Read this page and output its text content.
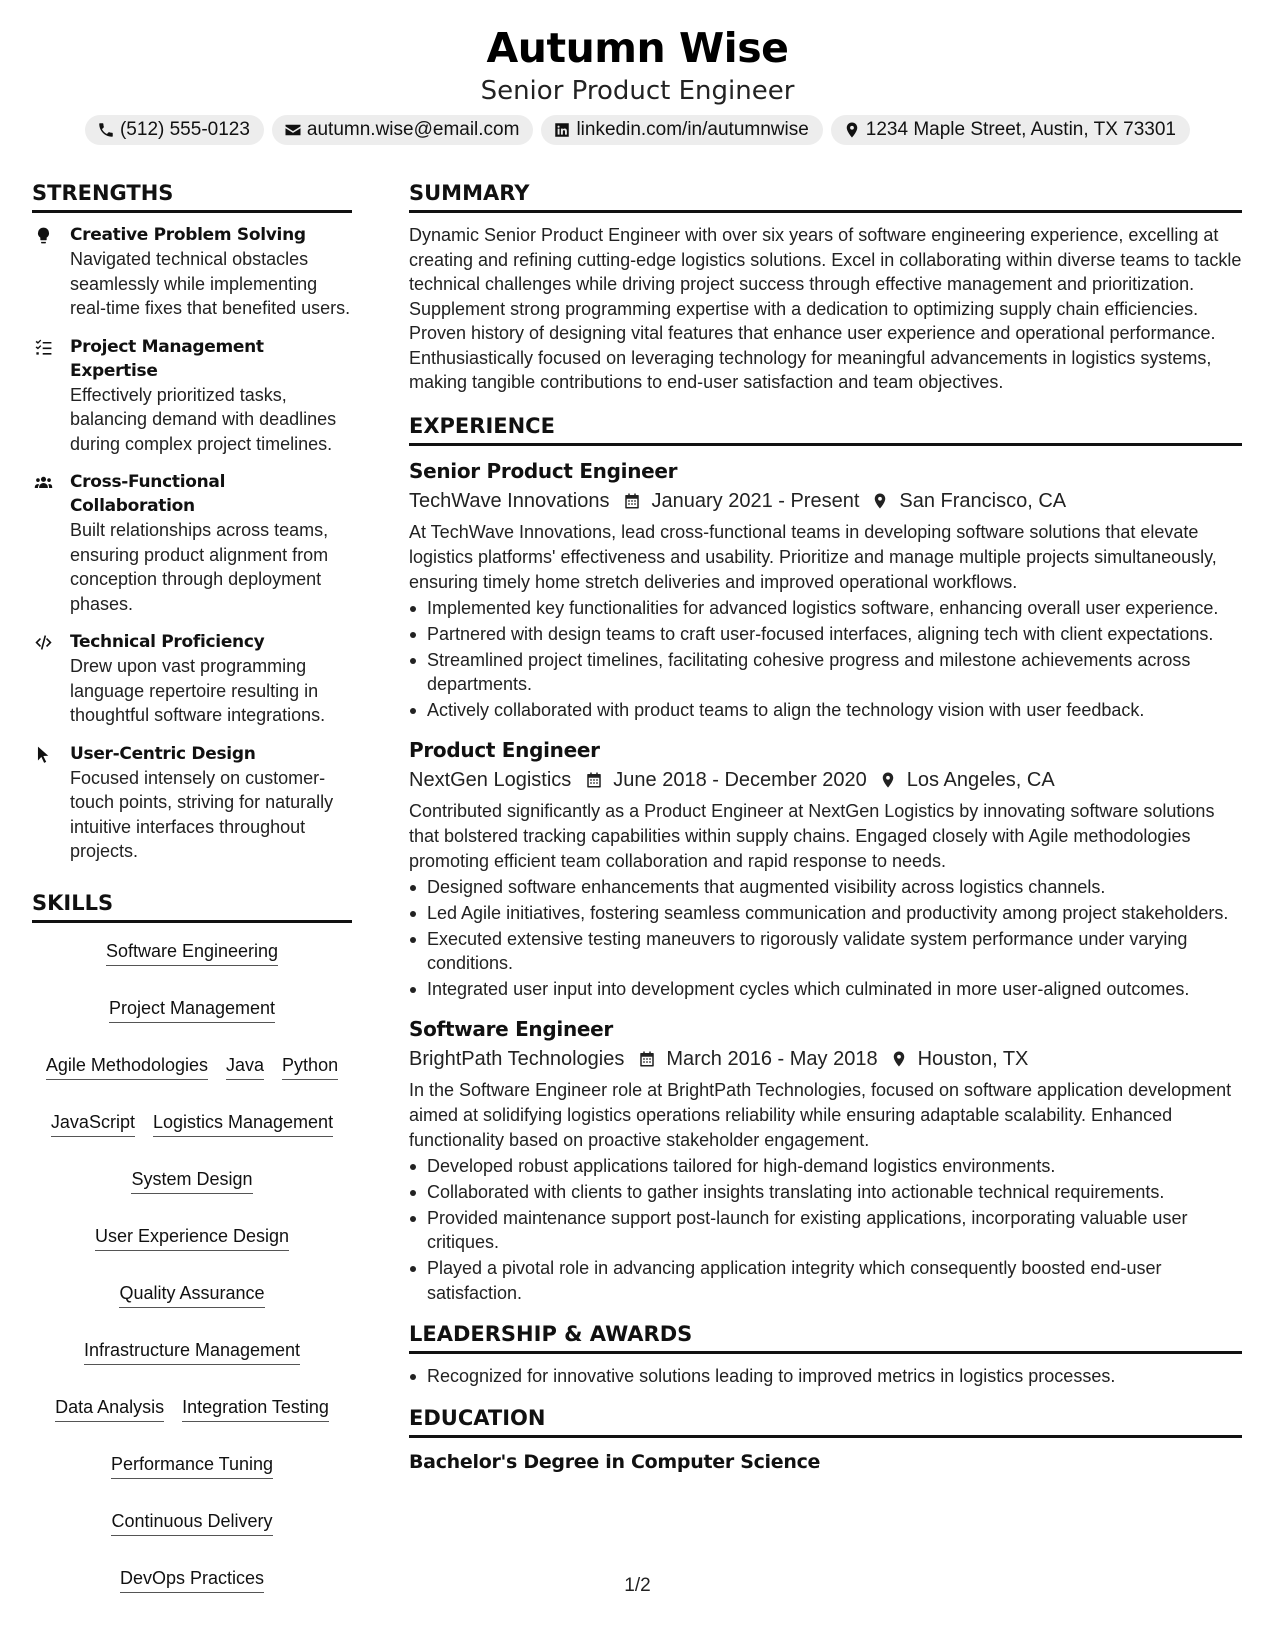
Autumn Wise
Senior Product Engineer
(512) 555-0123	autumn.wise@email.com	linkedin.com/in/autumnwise	1234 Maple Street, Austin, TX 73301
STRENGTHS
Creative Problem Solving
Navigated technical obstacles seamlessly while implementing real-time fixes that benefited users.
Project Management Expertise
Effectively prioritized tasks, balancing demand with deadlines during complex project timelines.
Cross-Functional Collaboration
Built relationships across teams, ensuring product alignment from conception through deployment phases.
Technical Proficiency
Drew upon vast programming language repertoire resulting in thoughtful software integrations.
User-Centric Design
Focused intensely on customer-touch points, striving for naturally intuitive interfaces throughout projects.
SKILLS
Software Engineering
Project Management
Agile Methodologies Java Python
JavaScript Logistics Management
System Design
User Experience Design
Quality Assurance
Infrastructure Management
Data Analysis Integration Testing
Performance Tuning
Continuous Delivery
DevOps Practices
SUMMARY
Dynamic Senior Product Engineer with over six years of software engineering experience, excelling at creating and refining cutting-edge logistics solutions. Excel in collaborating within diverse teams to tackle technical challenges while driving project success through effective management and prioritization. Supplement strong programming expertise with a dedication to optimizing supply chain efficiencies. Proven history of designing vital features that enhance user experience and operational performance. Enthusiastically focused on leveraging technology for meaningful advancements in logistics systems, making tangible contributions to end-user satisfaction and team objectives.
EXPERIENCE
Senior Product Engineer
TechWave Innovations January 2021 - Present San Francisco, CA
At TechWave Innovations, lead cross-functional teams in developing software solutions that elevate logistics platforms' effectiveness and usability. Prioritize and manage multiple projects simultaneously, ensuring timely home stretch deliveries and improved operational workflows.
Implemented key functionalities for advanced logistics software, enhancing overall user experience.
Partnered with design teams to craft user-focused interfaces, aligning tech with client expectations.
Streamlined project timelines, facilitating cohesive progress and milestone achievements across departments.
Actively collaborated with product teams to align the technology vision with user feedback.
Product Engineer
NextGen Logistics June 2018 - December 2020 Los Angeles, CA
Contributed significantly as a Product Engineer at NextGen Logistics by innovating software solutions that bolstered tracking capabilities within supply chains. Engaged closely with Agile methodologies promoting efficient team collaboration and rapid response to needs.
Designed software enhancements that augmented visibility across logistics channels.
Led Agile initiatives, fostering seamless communication and productivity among project stakeholders.
Executed extensive testing maneuvers to rigorously validate system performance under varying conditions.
Integrated user input into development cycles which culminated in more user-aligned outcomes.
Software Engineer
BrightPath Technologies March 2016 - May 2018 Houston, TX
In the Software Engineer role at BrightPath Technologies, focused on software application development aimed at solidifying logistics operations reliability while ensuring adaptable scalability. Enhanced functionality based on proactive stakeholder engagement.
Developed robust applications tailored for high-demand logistics environments.
Collaborated with clients to gather insights translating into actionable technical requirements.
Provided maintenance support post-launch for existing applications, incorporating valuable user critiques.
Played a pivotal role in advancing application integrity which consequently boosted end-user satisfaction.
LEADERSHIP & AWARDS
Recognized for innovative solutions leading to improved metrics in logistics processes.
EDUCATION
Bachelor's Degree in Computer Science
1/2
